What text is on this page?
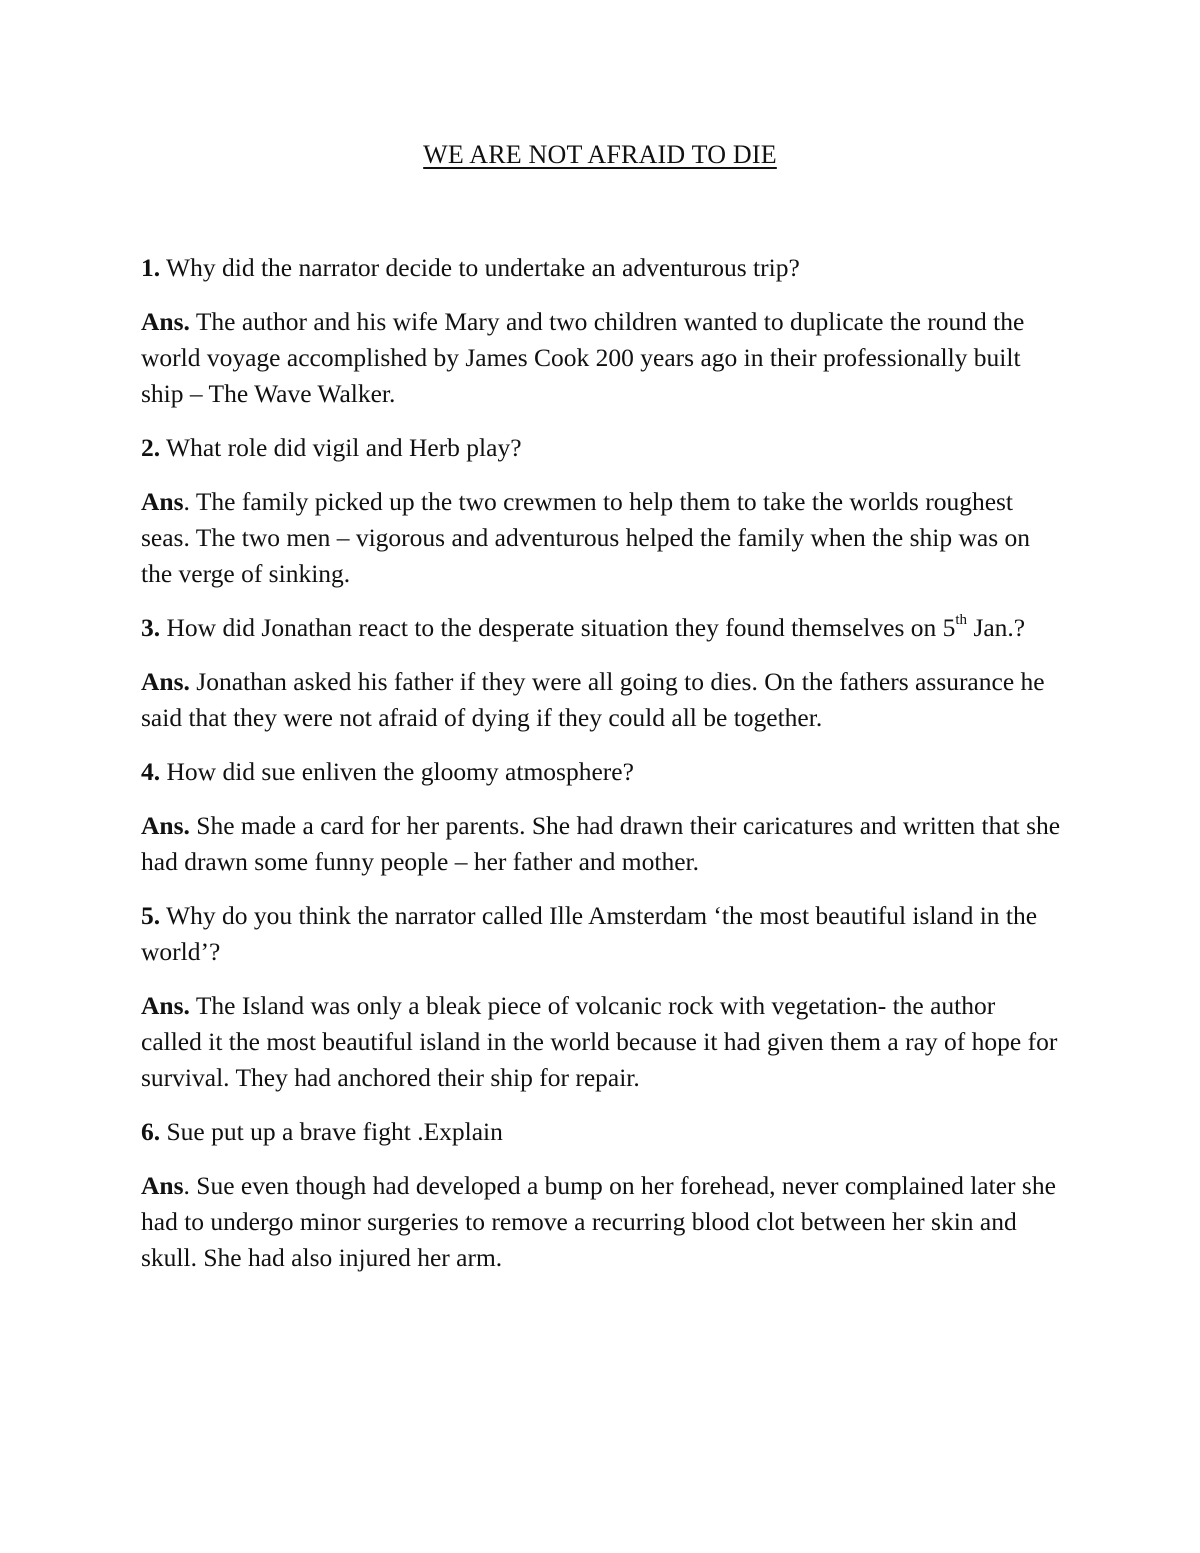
WE ARE NOT AFRAID TO DIE

1. Why did the narrator decide to undertake an adventurous trip?

Ans. The author and his wife Mary and two children wanted to duplicate the round the world voyage accomplished by James Cook 200 years ago in their professionally built ship – The Wave Walker.

2. What role did vigil and Herb play?

Ans. The family picked up the two crewmen to help them to take the worlds roughest seas. The two men – vigorous and adventurous helped the family when the ship was on the verge of sinking.

3. How did Jonathan react to the desperate situation they found themselves on 5th Jan.?

Ans. Jonathan asked his father if they were all going to dies. On the fathers assurance he said that they were not afraid of dying if they could all be together.

4. How did sue enliven the gloomy atmosphere?

Ans. She made a card for her parents. She had drawn their caricatures and written that she had drawn some funny people – her father and mother.

5. Why do you think the narrator called Ille Amsterdam ‘the most beautiful island in the world’?

Ans. The Island was only a bleak piece of volcanic rock with vegetation- the author called it the most beautiful island in the world because it had given them a ray of hope for survival. They had anchored their ship for repair.

6. Sue put up a brave fight .Explain

Ans. Sue even though had developed a bump on her forehead, never complained later she had to undergo minor surgeries to remove a recurring blood clot between her skin and skull. She had also injured her arm.
